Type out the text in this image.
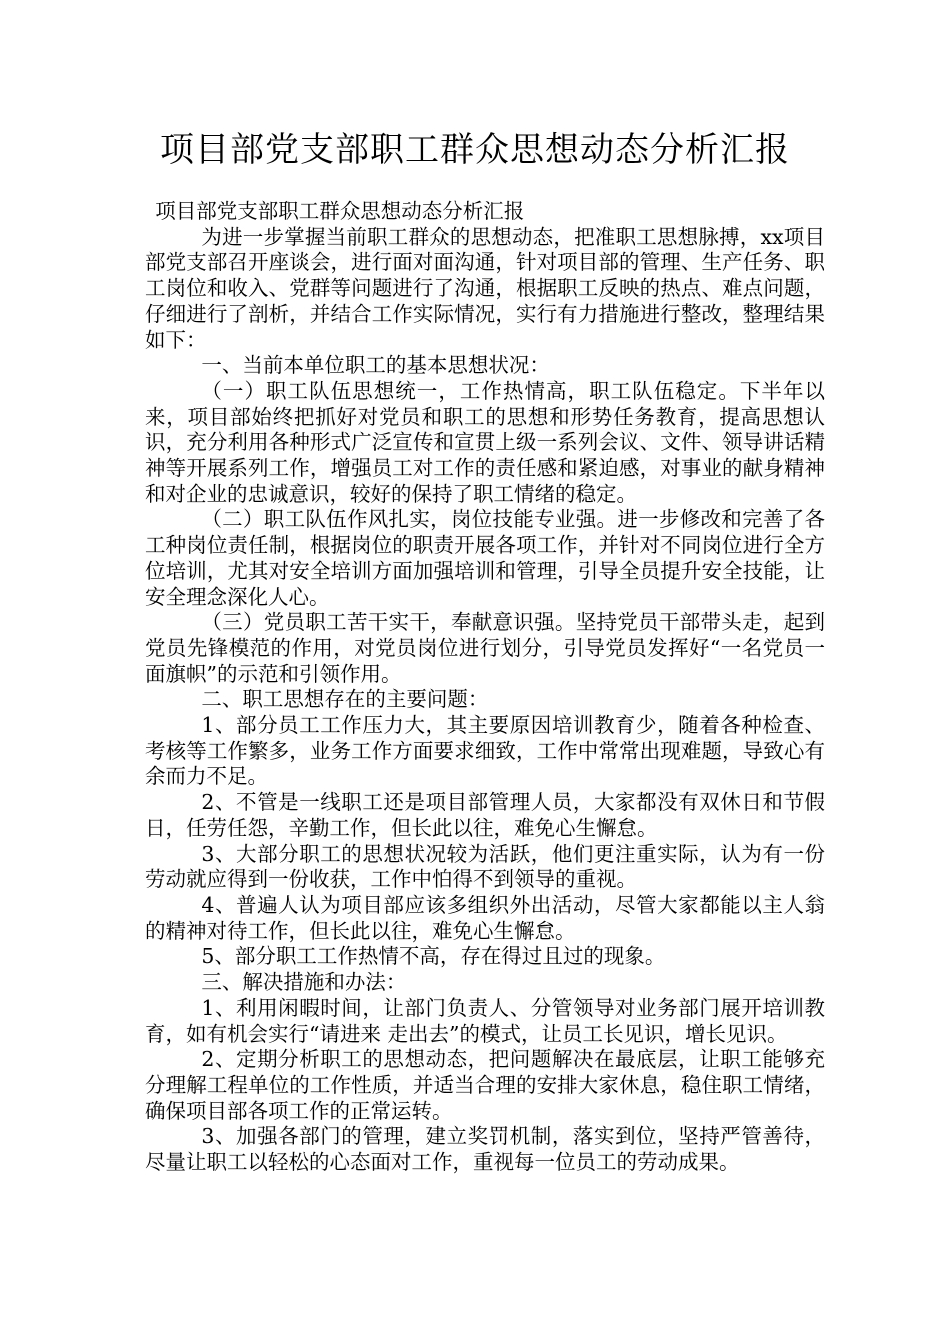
项目部党支部职工群众思想动态分析汇报

项目部党支部职工群众思想动态分析汇报

为进一步掌握当前职工群众的思想动态，把准职工思想脉搏，xx项目部党支部召开座谈会，进行面对面沟通，针对项目部的管理、生产任务、职工岗位和收入、党群等问题进行了沟通，根据职工反映的热点、难点问题，仔细进行了剖析，并结合工作实际情况，实行有力措施进行整改，整理结果如下：

一、当前本单位职工的基本思想状况：

（一）职工队伍思想统一，工作热情高，职工队伍稳定。下半年以来，项目部始终把抓好对党员和职工的思想和形势任务教育，提高思想认识，充分利用各种形式广泛宣传和宣贯上级一系列会议、文件、领导讲话精神等开展系列工作，增强员工对工作的责任感和紧迫感，对事业的献身精神和对企业的忠诚意识，较好的保持了职工情绪的稳定。

（二）职工队伍作风扎实，岗位技能专业强。进一步修改和完善了各工种岗位责任制，根据岗位的职责开展各项工作，并针对不同岗位进行全方位培训，尤其对安全培训方面加强培训和管理，引导全员提升安全技能，让安全理念深化人心。

（三）党员职工苦干实干，奉献意识强。坚持党员干部带头走，起到党员先锋模范的作用，对党员岗位进行划分，引导党员发挥好“一名党员一面旗帜”的示范和引领作用。

二、职工思想存在的主要问题：

1、部分员工工作压力大，其主要原因培训教育少，随着各种检查、考核等工作繁多，业务工作方面要求细致，工作中常常出现难题，导致心有余而力不足。

2、不管是一线职工还是项目部管理人员，大家都没有双休日和节假日，任劳任怨，辛勤工作，但长此以往，难免心生懈怠。

3、大部分职工的思想状况较为活跃，他们更注重实际，认为有一份劳动就应得到一份收获，工作中怕得不到领导的重视。

4、普遍人认为项目部应该多组织外出活动，尽管大家都能以主人翁的精神对待工作，但长此以往，难免心生懈怠。

5、部分职工工作热情不高，存在得过且过的现象。

三、解决措施和办法：

1、利用闲暇时间，让部门负责人、分管领导对业务部门展开培训教育，如有机会实行“请进来 走出去”的模式，让员工长见识，增长见识。

2、定期分析职工的思想动态，把问题解决在最底层，让职工能够充分理解工程单位的工作性质，并适当合理的安排大家休息，稳住职工情绪，确保项目部各项工作的正常运转。

3、加强各部门的管理，建立奖罚机制，落实到位，坚持严管善待，尽量让职工以轻松的心态面对工作，重视每一位员工的劳动成果。
